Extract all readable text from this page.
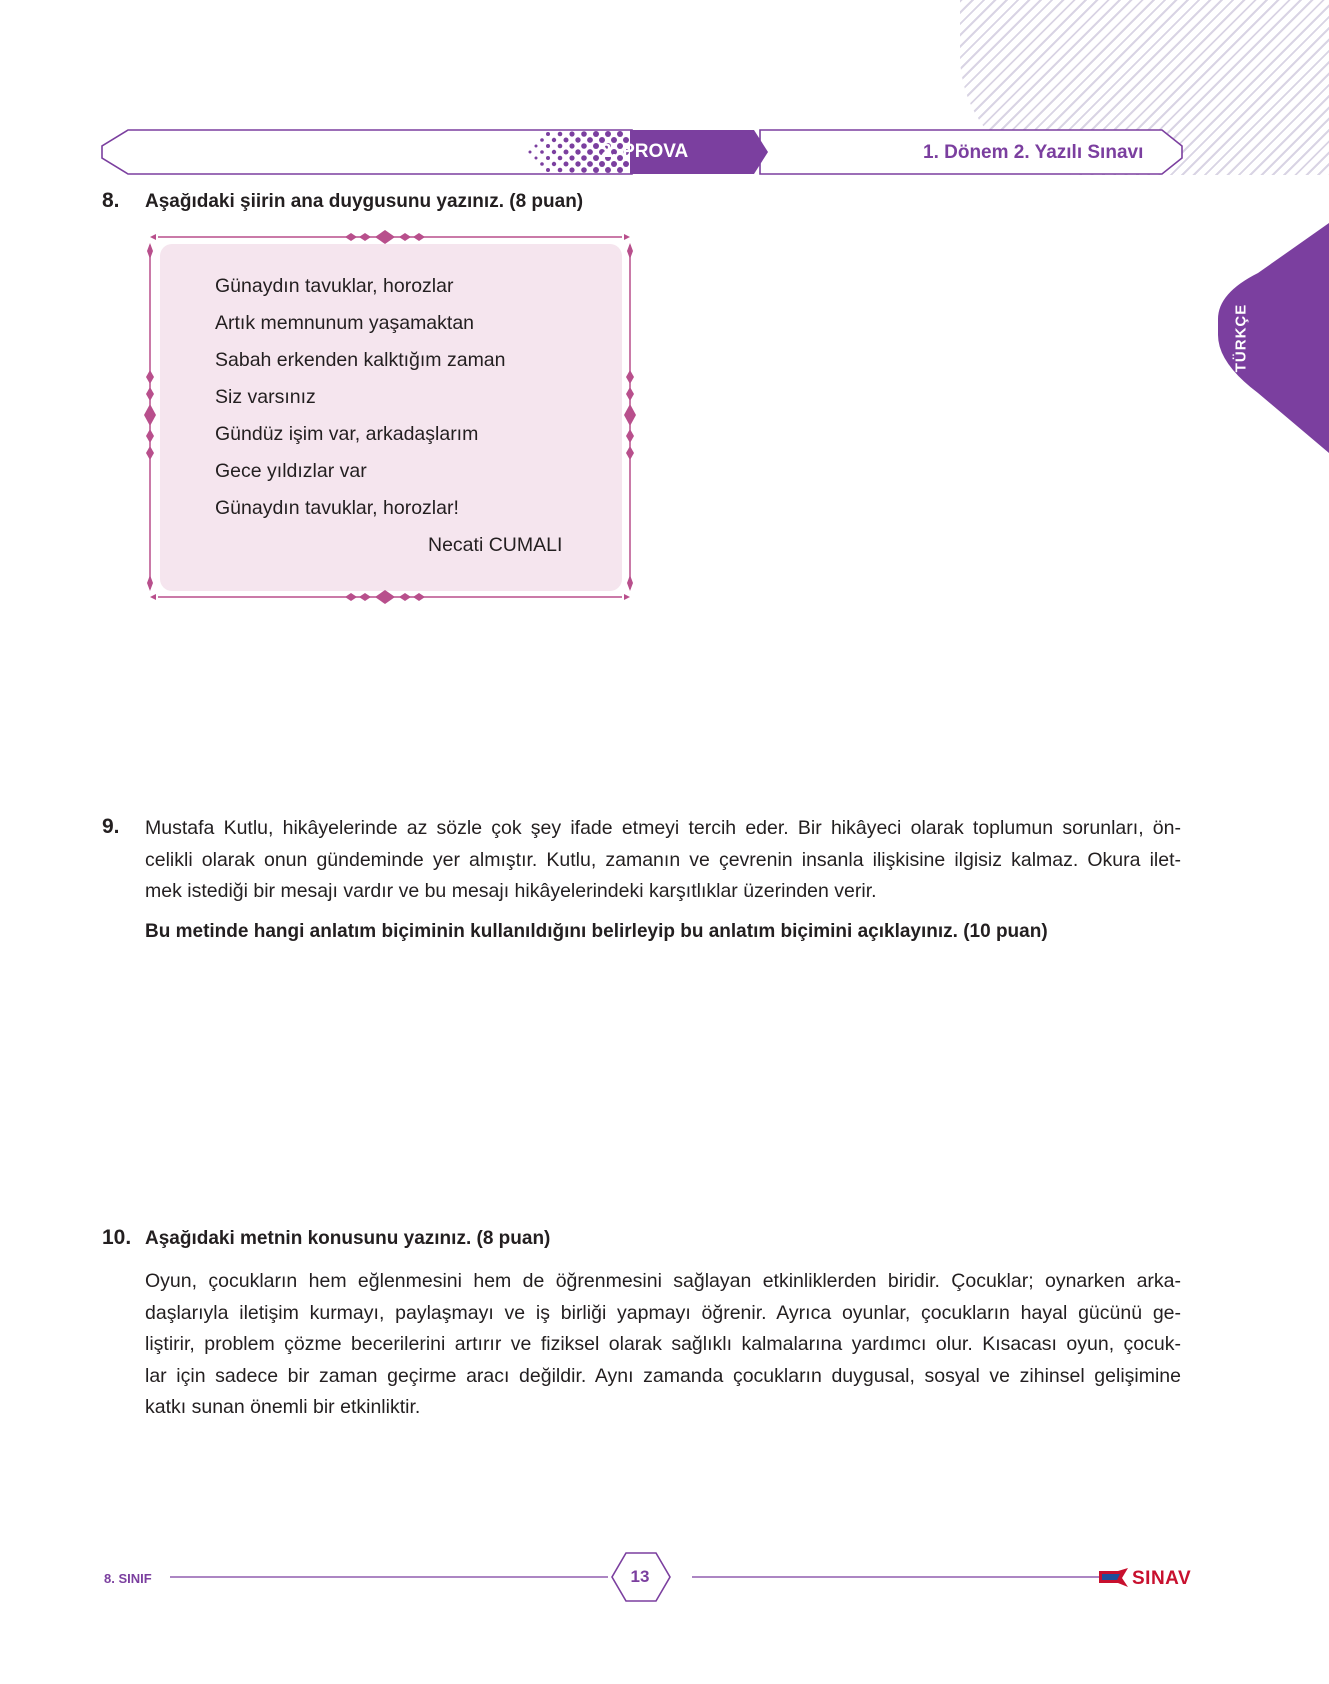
2. PROVA	1. Dönem 2. Yazılı Sınavı
TÜRKÇE
8. Aşağıdaki şiirin ana duygusunu yazınız. (8 puan)
Günaydın tavuklar, horozlar
Artık memnunum yaşamaktan
Sabah erkenden kalktığım zaman
Siz varsınız
Gündüz işim var, arkadaşlarım
Gece yıldızlar var
Günaydın tavuklar, horozlar!
Necati CUMALI
9. Mustafa Kutlu, hikâyelerinde az sözle çok şey ifade etmeyi tercih eder. Bir hikâyeci olarak toplumun sorunları, ön-
celikli olarak onun gündeminde yer almıştır. Kutlu, zamanın ve çevrenin insanla ilişkisine ilgisiz kalmaz. Okura ilet-
mek istediği bir mesajı vardır ve bu mesajı hikâyelerindeki karşıtlıklar üzerinden verir.
Bu metinde hangi anlatım biçiminin kullanıldığını belirleyip bu anlatım biçimini açıklayınız. (10 puan)
10. Aşağıdaki metnin konusunu yazınız. (8 puan)
Oyun, çocukların hem eğlenmesini hem de öğrenmesini sağlayan etkinliklerden biridir. Çocuklar; oynarken arka-
daşlarıyla iletişim kurmayı, paylaşmayı ve iş birliği yapmayı öğrenir. Ayrıca oyunlar, çocukların hayal gücünü ge-
liştirir, problem çözme becerilerini artırır ve fiziksel olarak sağlıklı kalmalarına yardımcı olur. Kısacası oyun, çocuk-
lar için sadece bir zaman geçirme aracı değildir. Aynı zamanda çocukların duygusal, sosyal ve zihinsel gelişimine
katkı sunan önemli bir etkinliktir.
8. SINIF	13	SINAV
